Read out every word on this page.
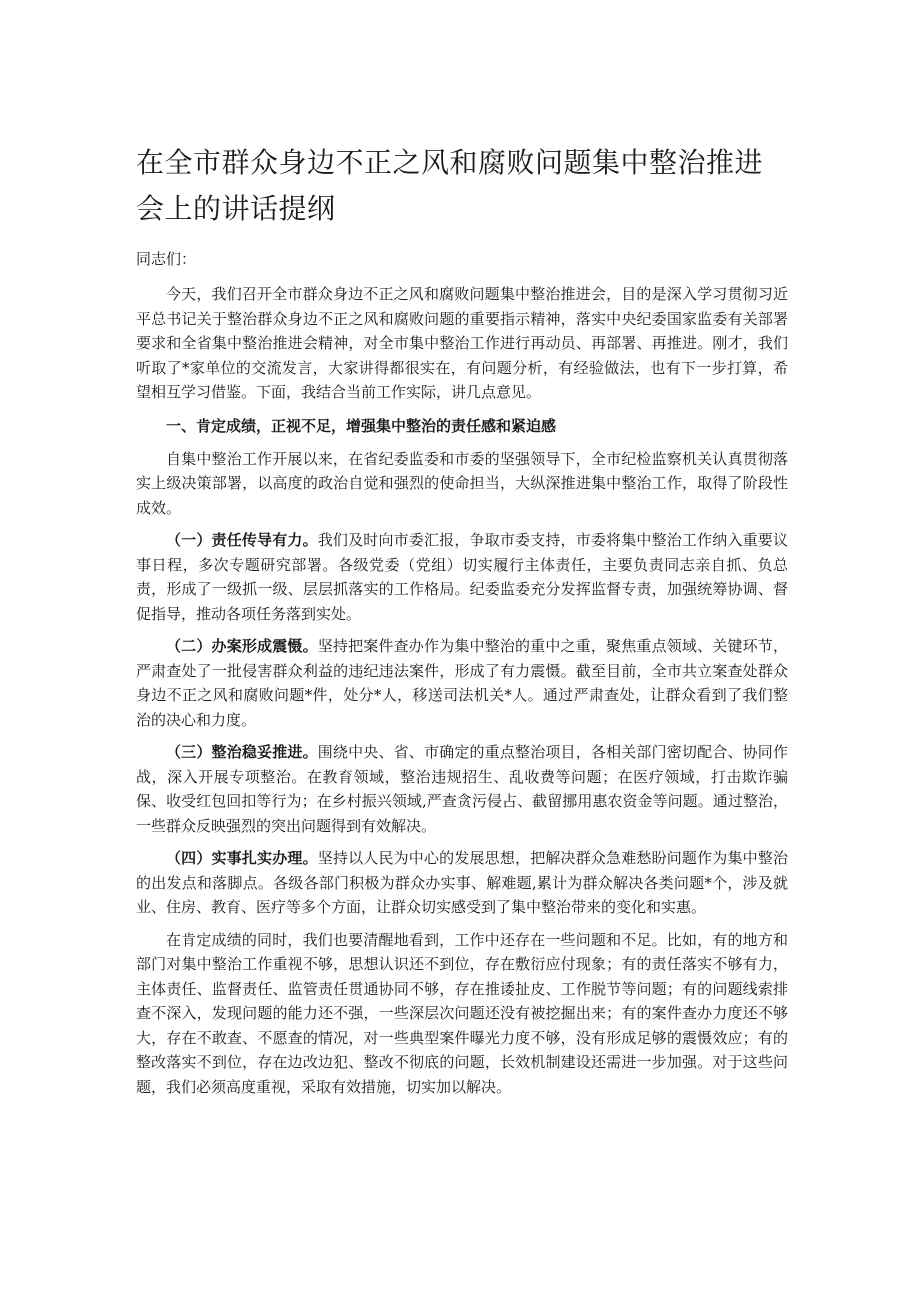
在全市群众身边不正之风和腐败问题集中整治推进
会上的讲话提纲

同志们：

今天，我们召开全市群众身边不正之风和腐败问题集中整治推进会，目的是深入学习贯彻习近平总书记关于整治群众身边不正之风和腐败问题的重要指示精神，落实中央纪委国家监委有关部署要求和全省集中整治推进会精神，对全市集中整治工作进行再动员、再部署、再推进。刚才，我们听取了*家单位的交流发言，大家讲得都很实在，有问题分析，有经验做法，也有下一步打算，希望相互学习借鉴。下面，我结合当前工作实际，讲几点意见。

一、肯定成绩，正视不足，增强集中整治的责任感和紧迫感

自集中整治工作开展以来，在省纪委监委和市委的坚强领导下，全市纪检监察机关认真贯彻落实上级决策部署，以高度的政治自觉和强烈的使命担当，大纵深推进集中整治工作，取得了阶段性成效。

（一）责任传导有力。我们及时向市委汇报，争取市委支持，市委将集中整治工作纳入重要议事日程，多次专题研究部署。各级党委（党组）切实履行主体责任，主要负责同志亲自抓、负总责，形成了一级抓一级、层层抓落实的工作格局。纪委监委充分发挥监督专责，加强统筹协调、督促指导，推动各项任务落到实处。

（二）办案形成震慑。坚持把案件查办作为集中整治的重中之重，聚焦重点领域、关键环节，严肃查处了一批侵害群众利益的违纪违法案件，形成了有力震慑。截至目前，全市共立案查处群众身边不正之风和腐败问题*件，处分*人，移送司法机关*人。通过严肃查处，让群众看到了我们整治的决心和力度。

（三）整治稳妥推进。围绕中央、省、市确定的重点整治项目，各相关部门密切配合、协同作战，深入开展专项整治。在教育领域，整治违规招生、乱收费等问题；在医疗领域，打击欺诈骗保、收受红包回扣等行为；在乡村振兴领域,严查贪污侵占、截留挪用惠农资金等问题。通过整治，一些群众反映强烈的突出问题得到有效解决。

（四）实事扎实办理。坚持以人民为中心的发展思想，把解决群众急难愁盼问题作为集中整治的出发点和落脚点。各级各部门积极为群众办实事、解难题,累计为群众解决各类问题*个，涉及就业、住房、教育、医疗等多个方面，让群众切实感受到了集中整治带来的变化和实惠。

在肯定成绩的同时，我们也要清醒地看到，工作中还存在一些问题和不足。比如，有的地方和部门对集中整治工作重视不够，思想认识还不到位，存在敷衍应付现象；有的责任落实不够有力，主体责任、监督责任、监管责任贯通协同不够，存在推诿扯皮、工作脱节等问题；有的问题线索排查不深入，发现问题的能力还不强，一些深层次问题还没有被挖掘出来；有的案件查办力度还不够大，存在不敢查、不愿查的情况，对一些典型案件曝光力度不够，没有形成足够的震慑效应；有的整改落实不到位，存在边改边犯、整改不彻底的问题，长效机制建设还需进一步加强。对于这些问题，我们必须高度重视，采取有效措施，切实加以解决。
